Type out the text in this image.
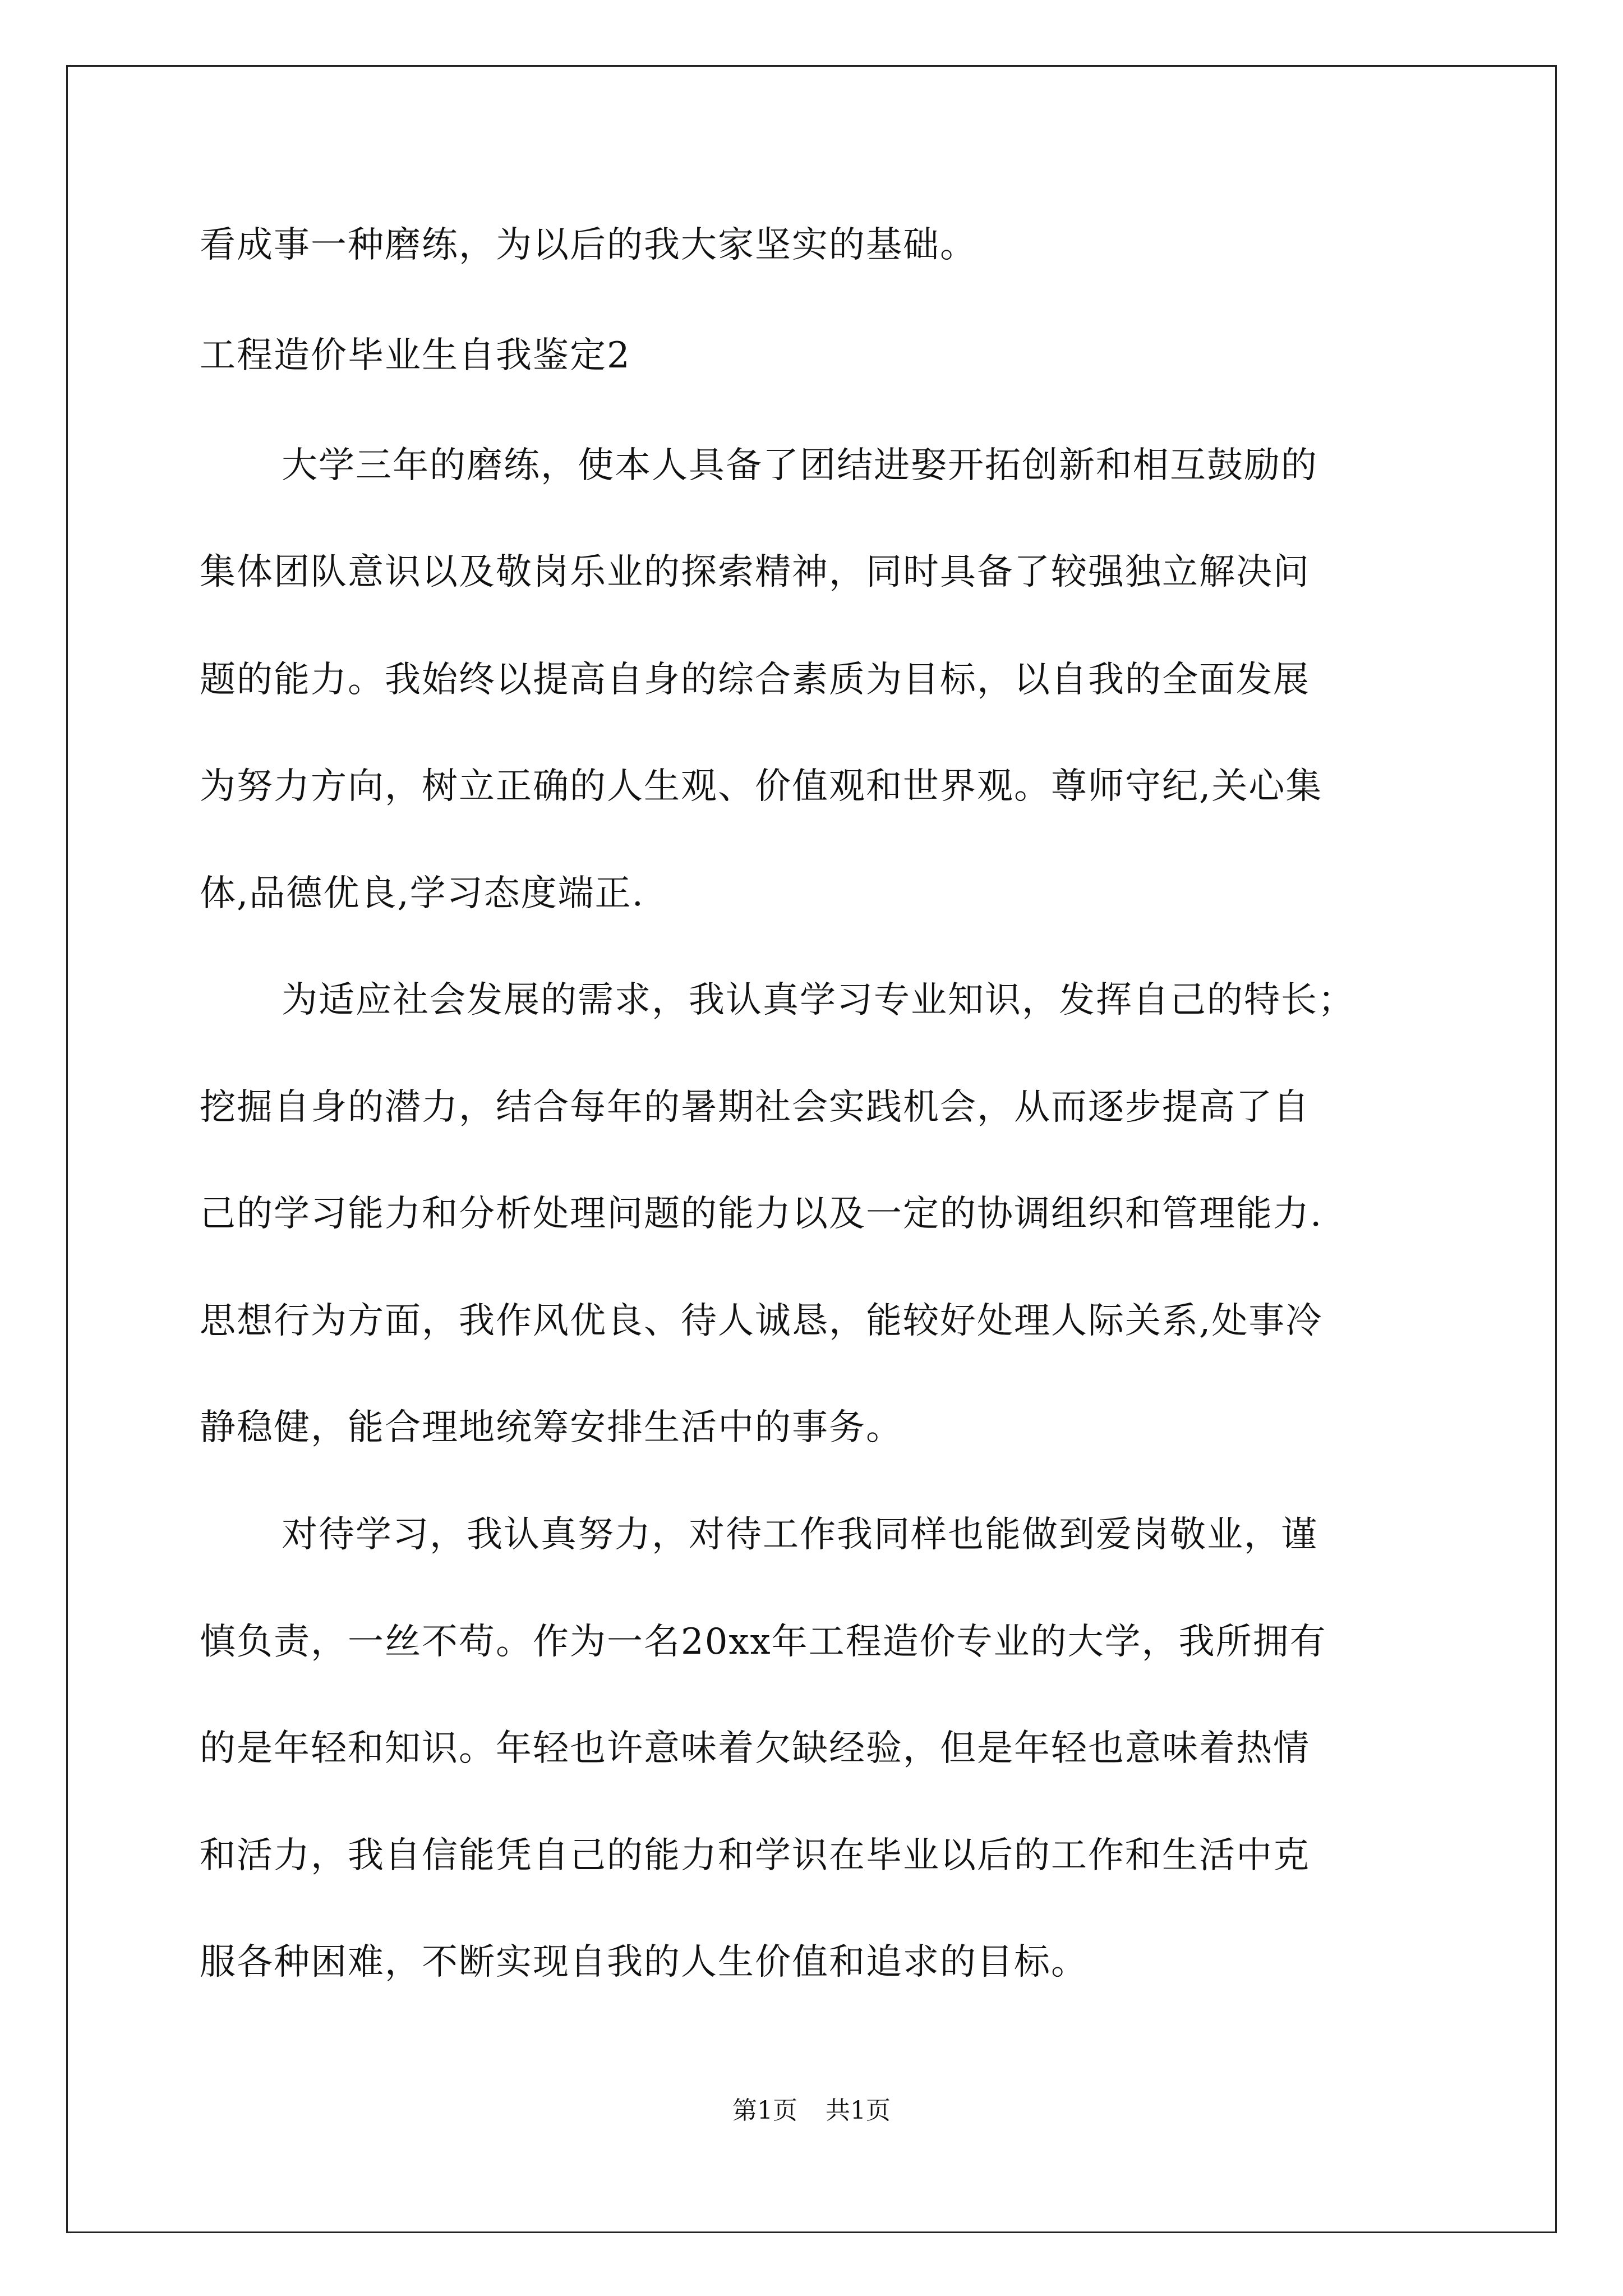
看成事一种磨练，为以后的我大家坚实的基础。
工程造价毕业生自我鉴定2
大学三年的磨练，使本人具备了团结进娶开拓创新和相互鼓励的
集体团队意识以及敬岗乐业的探索精神，同时具备了较强独立解决问
题的能力。我始终以提高自身的综合素质为目标，以自我的全面发展
为努力方向，树立正确的人生观、价值观和世界观。尊师守纪,关心集
体,品德优良,学习态度端正.
为适应社会发展的需求，我认真学习专业知识，发挥自己的特长；
挖掘自身的潜力，结合每年的暑期社会实践机会，从而逐步提高了自
己的学习能力和分析处理问题的能力以及一定的协调组织和管理能力.
思想行为方面，我作风优良、待人诚恳，能较好处理人际关系,处事冷
静稳健，能合理地统筹安排生活中的事务。
对待学习，我认真努力，对待工作我同样也能做到爱岗敬业，谨
慎负责，一丝不苟。作为一名20xx年工程造价专业的大学，我所拥有
的是年轻和知识。年轻也许意味着欠缺经验，但是年轻也意味着热情
和活力，我自信能凭自己的能力和学识在毕业以后的工作和生活中克
服各种困难，不断实现自我的人生价值和追求的目标。
第1页 共1页
